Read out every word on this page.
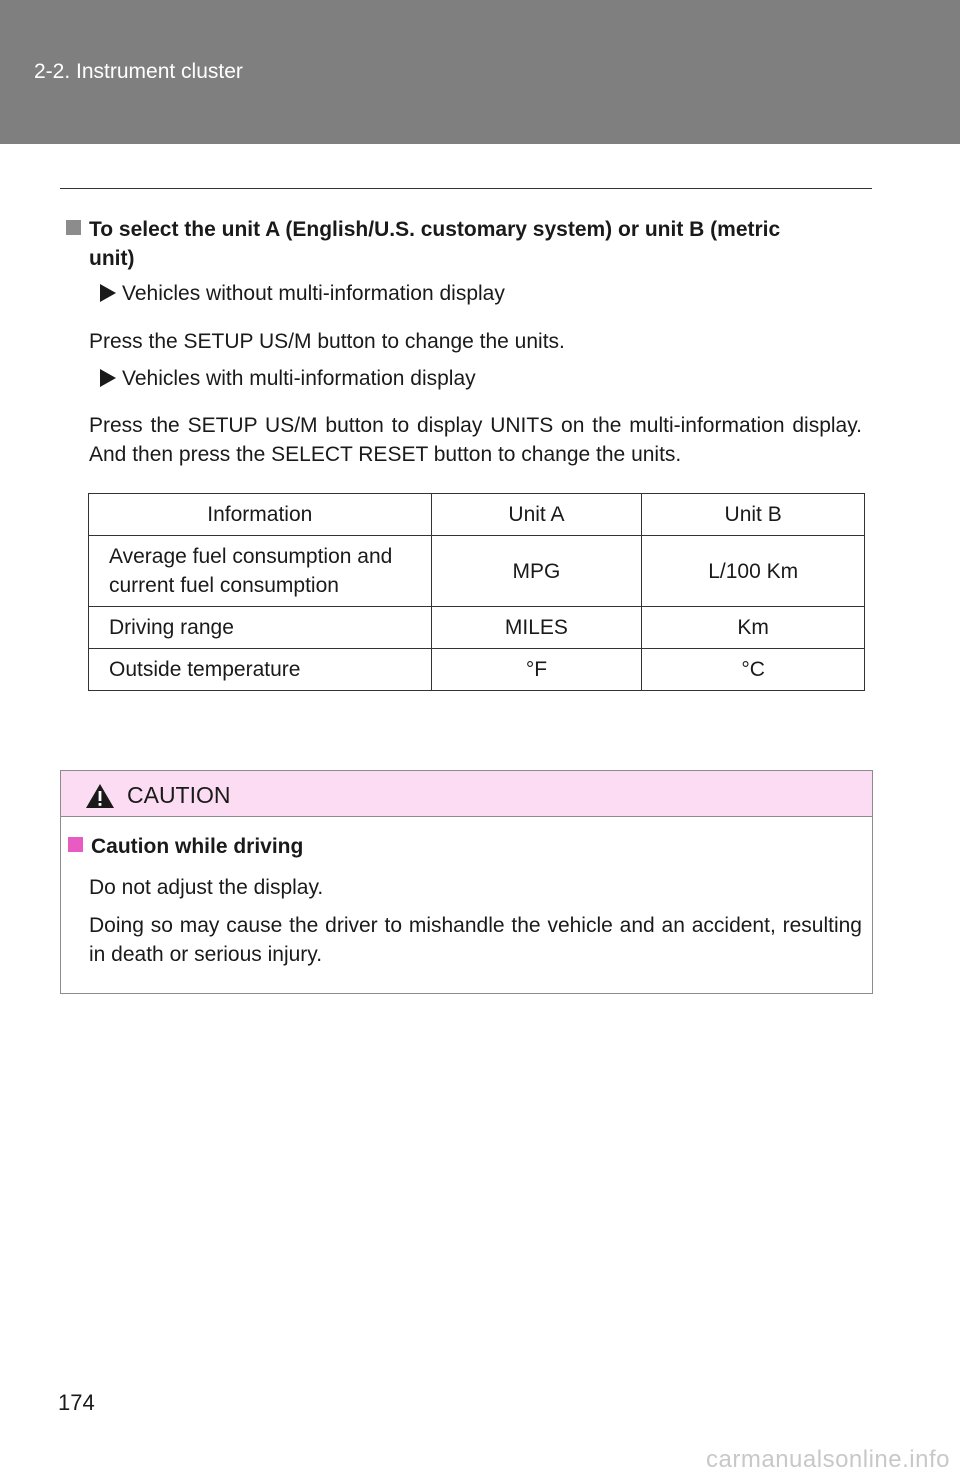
2-2. Instrument cluster
To select the unit A (English/U.S. customary system) or unit B (metric
unit)
Vehicles without multi-information display
Press the SETUP US/M button to change the units.
Vehicles with multi-information display
Press the SETUP US/M button to display UNITS on the multi-information display. And then press the SELECT RESET button to change the units.
Information	Unit A	Unit B
Average fuel consumption and current fuel consumption	MPG	L/100 Km
Driving range	MILES	Km
Outside temperature	°F	°C
CAUTION
Caution while driving
Do not adjust the display.
Doing so may cause the driver to mishandle the vehicle and an accident, resulting in death or serious injury.
174
carmanualsonline.info
